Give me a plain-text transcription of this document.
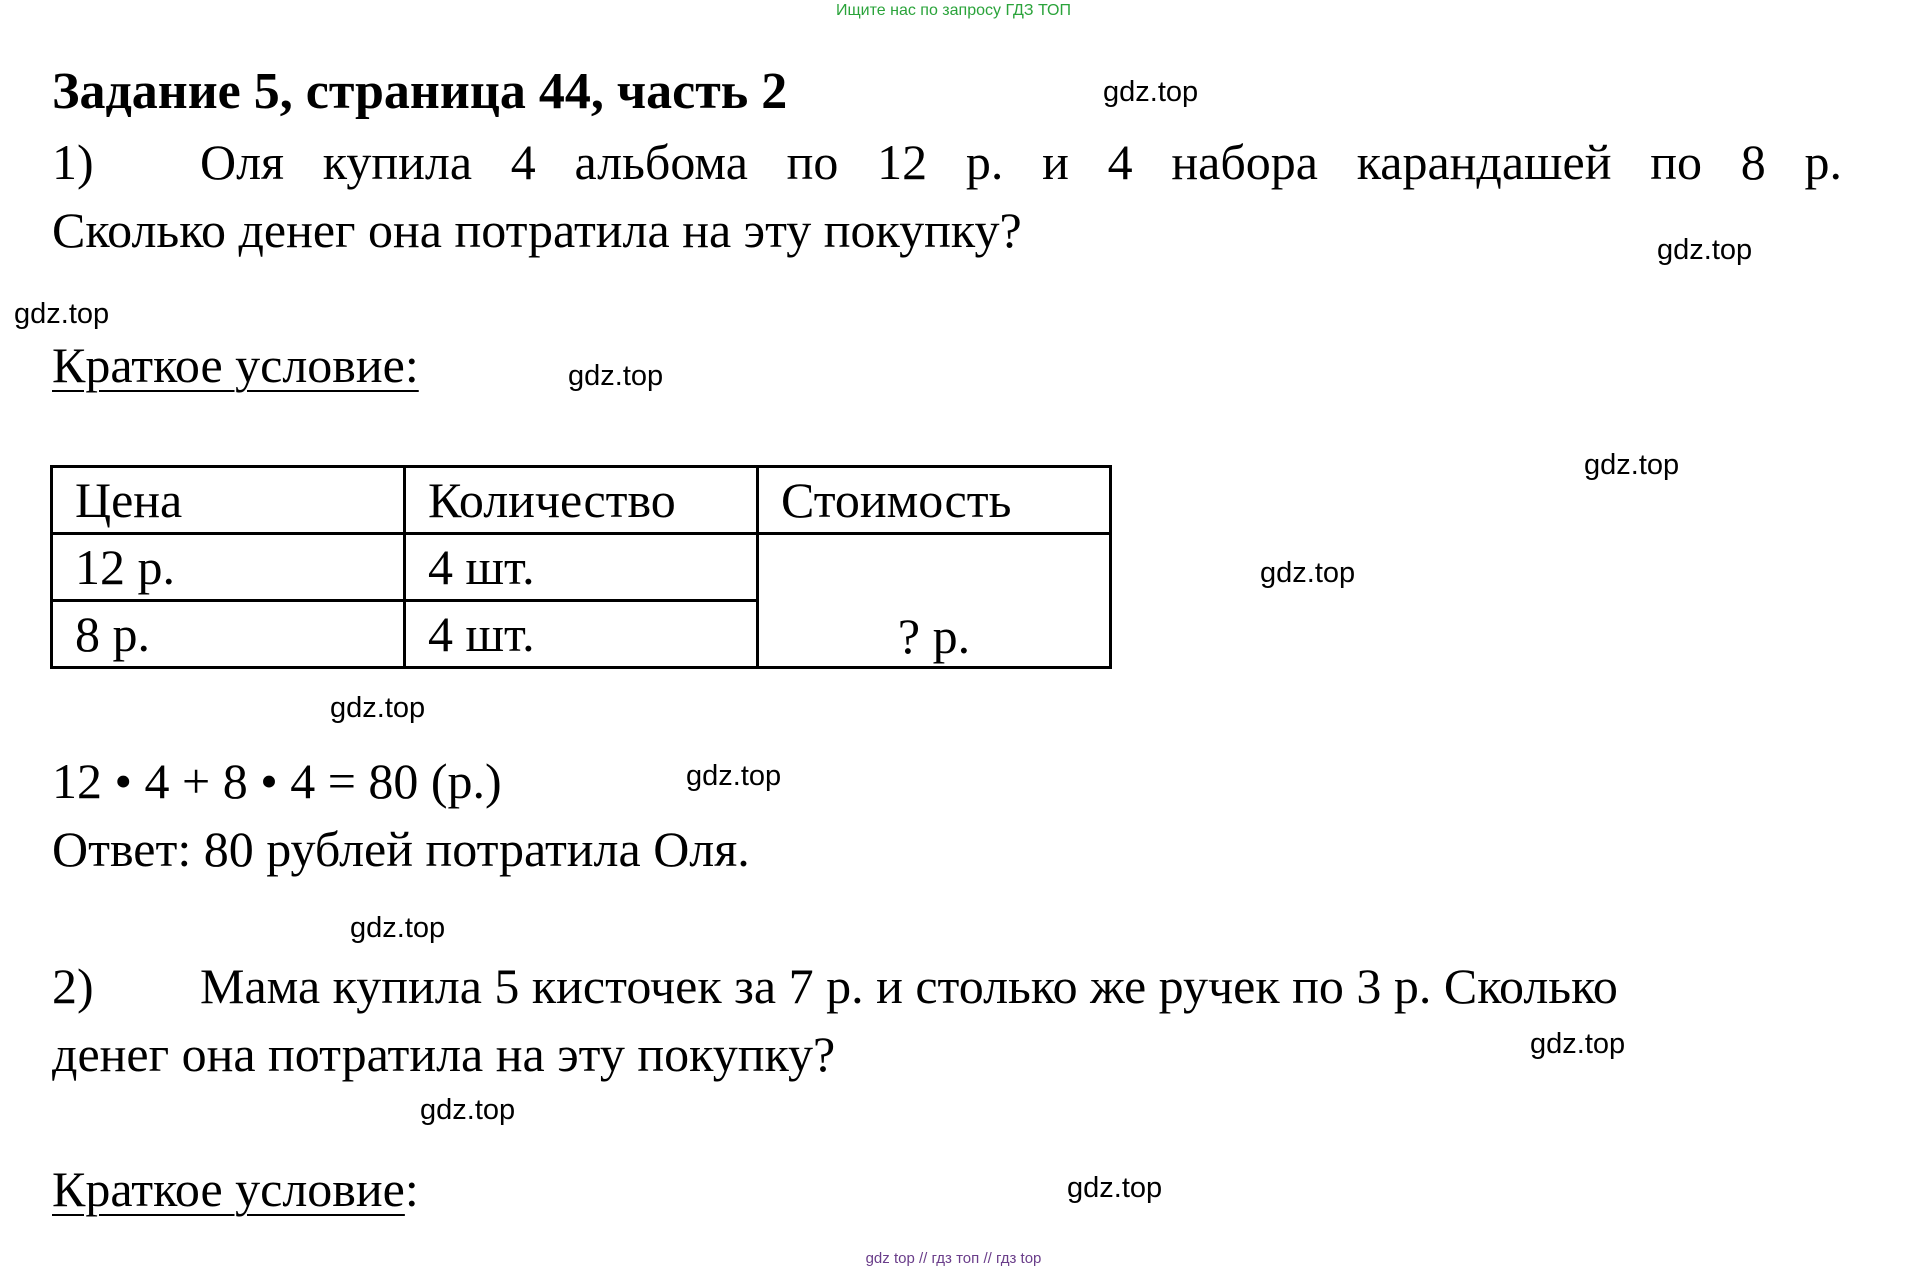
Ищите нас по запросу ГДЗ ТОП
Задание 5, страница 44, часть 2	gdz.top
1) Оля купила 4 альбома по 12 р. и 4 набора карандашей по 8 р.
Сколько денег она потратила на эту покупку?	gdz.top
gdz.top
Краткое условие:	gdz.top
gdz.top
Цена	Количество	Стоимость
12 р.	4 шт.	? р.
8 р.	4 шт.	
gdz.top
gdz.top
12 • 4 + 8 • 4 = 80 (р.)	gdz.top
Ответ: 80 рублей потратила Оля.
gdz.top
2) Мама купила 5 кисточек за 7 р. и столько же ручек по 3 р. Сколько
денег она потратила на эту покупку?	gdz.top
gdz.top
Краткое условие:	gdz.top
gdz top // гдз топ // гдз top
